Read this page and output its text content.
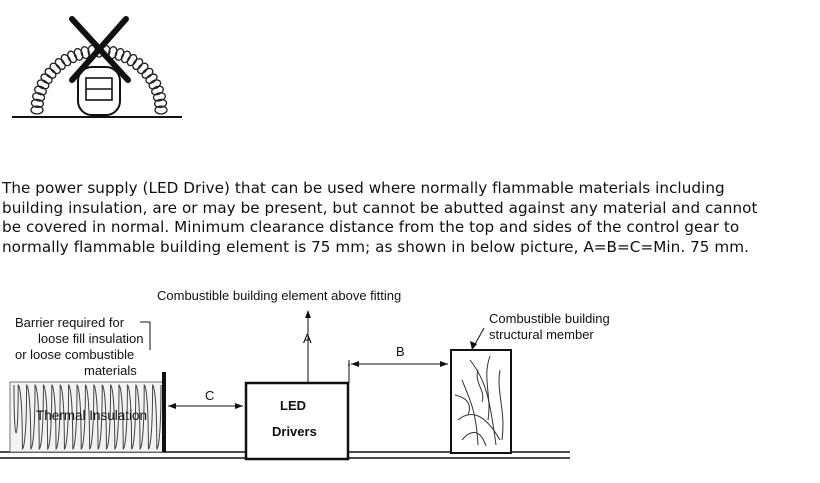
The power supply (LED Drive) that can be used where normally flammable materials including
building insulation, are or may be present, but cannot be abutted against any material and cannot
be covered in normal. Minimum clearance distance from the top and sides of the control gear to
normally flammable building element is 75 mm; as shown in below picture, A=B=C=Min. 75 mm.
Combustible building element above fitting
Barrier required for
loose fill insulation
or loose combustible
materials
Thermal Insulation
C
A
B
LED
Drivers
Combustible building
structural member
